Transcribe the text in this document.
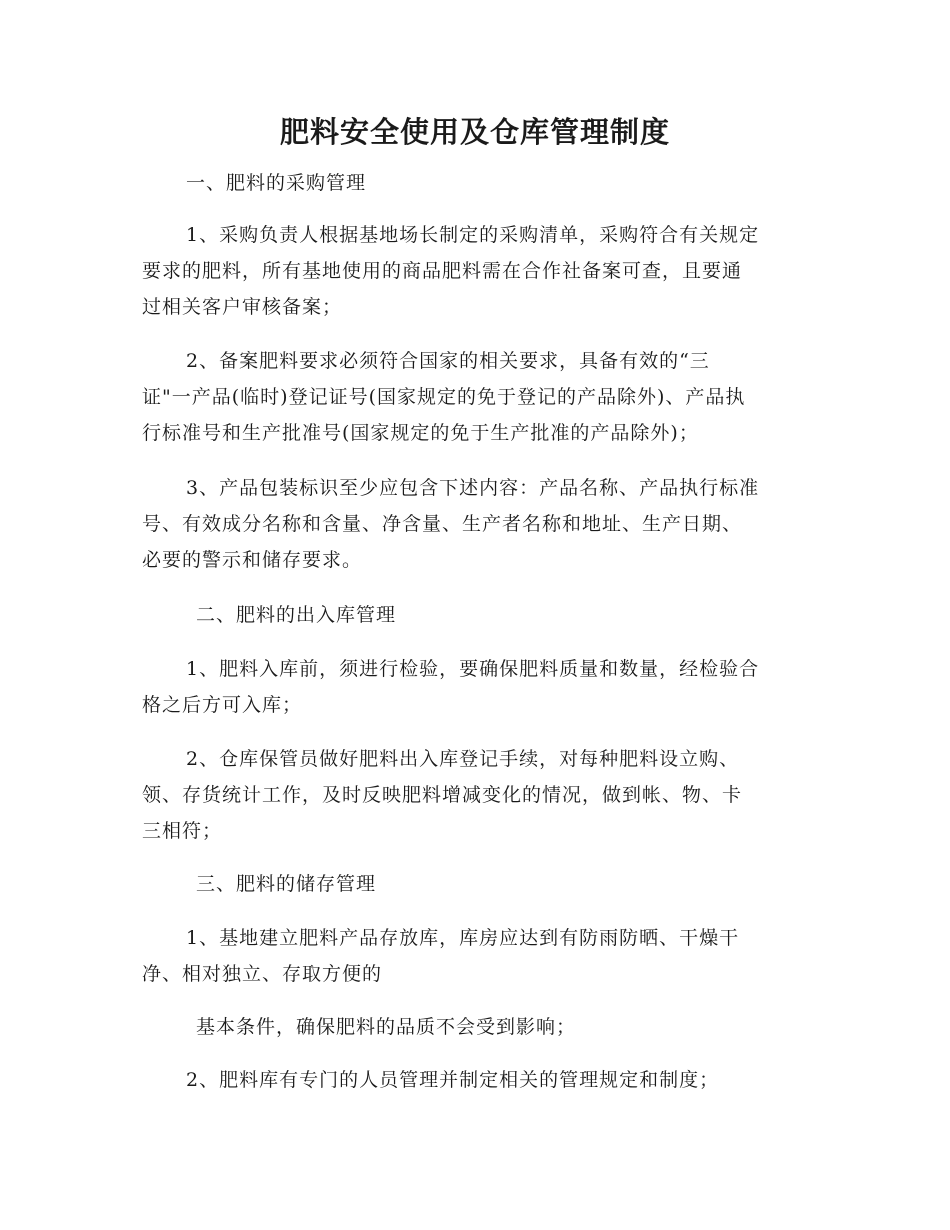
肥料安全使用及仓库管理制度
一、肥料的采购管理
1、采购负责人根据基地场长制定的采购清单，采购符合有关规定
要求的肥料，所有基地使用的商品肥料需在合作社备案可查，且要通
过相关客户审核备案；
2、备案肥料要求必须符合国家的相关要求，具备有效的“三
证"一产品(临时)登记证号(国家规定的免于登记的产品除外)、产品执
行标准号和生产批准号(国家规定的免于生产批准的产品除外)；
3、产品包装标识至少应包含下述内容：产品名称、产品执行标准
号、有效成分名称和含量、净含量、生产者名称和地址、生产日期、
必要的警示和储存要求。
二、肥料的出入库管理
1、肥料入库前，须进行检验，要确保肥料质量和数量，经检验合
格之后方可入库；
2、仓库保管员做好肥料出入库登记手续，对每种肥料设立购、
领、存货统计工作，及时反映肥料增减变化的情况，做到帐、物、卡
三相符；
三、肥料的储存管理
1、基地建立肥料产品存放库，库房应达到有防雨防晒、干燥干
净、相对独立、存取方便的
基本条件，确保肥料的品质不会受到影响；
2、肥料库有专门的人员管理并制定相关的管理规定和制度；
